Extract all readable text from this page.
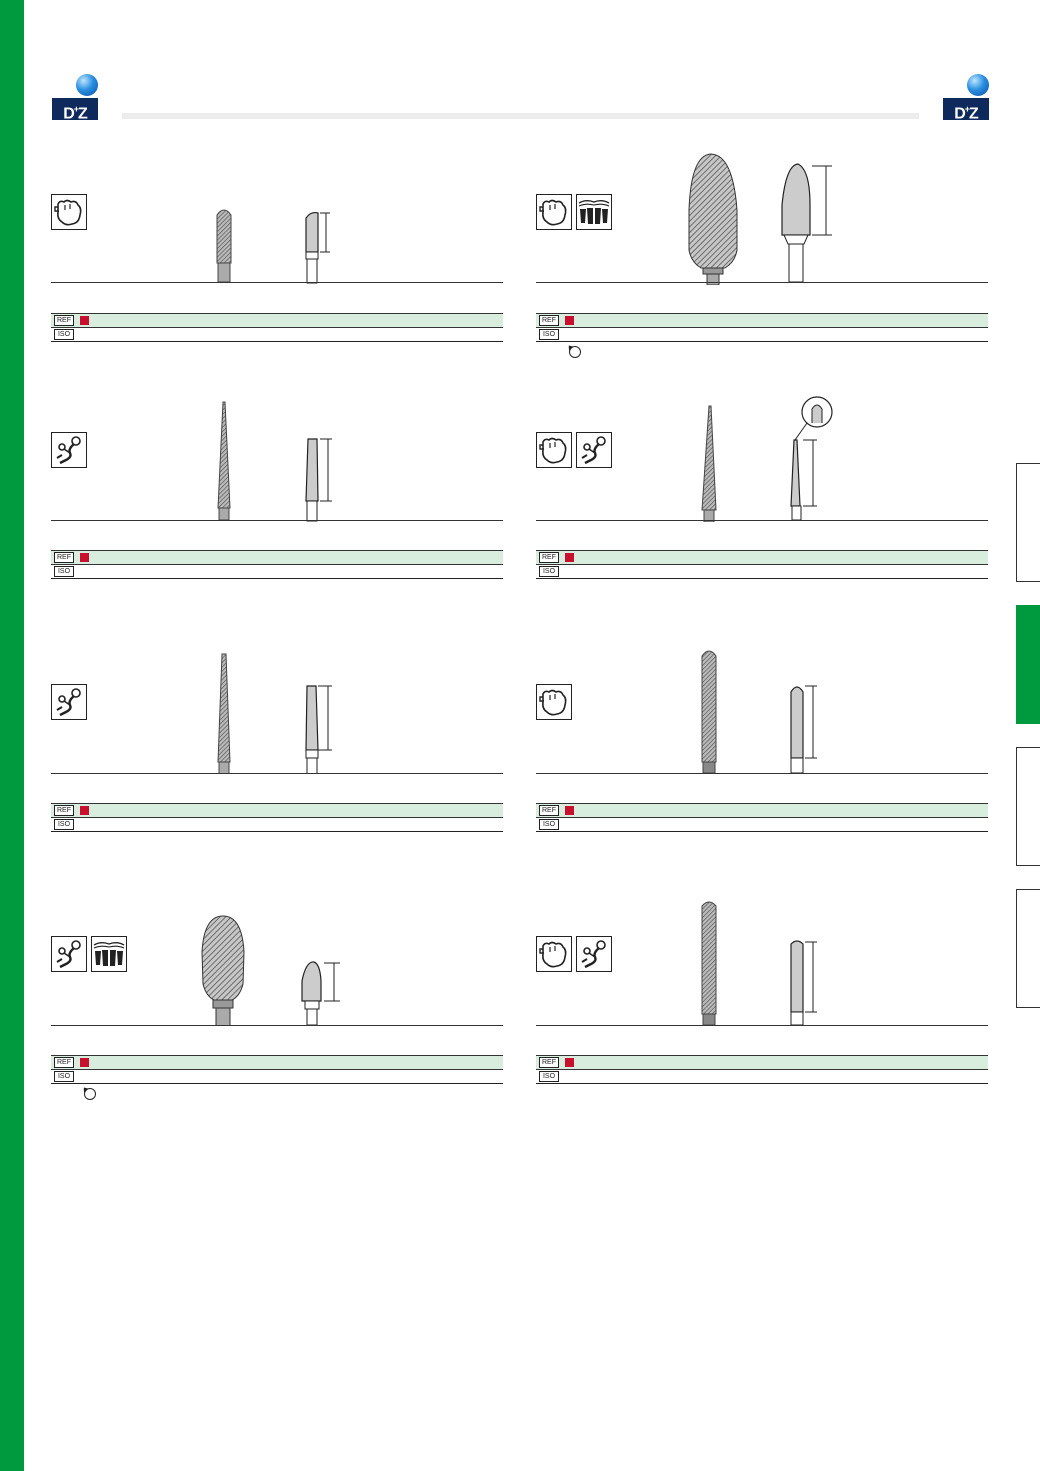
D+Z	D+Z
REF
ISO
REF
ISO
REF
ISO
REF
ISO
REF
ISO
REF
ISO
REF
ISO
REF
ISO
